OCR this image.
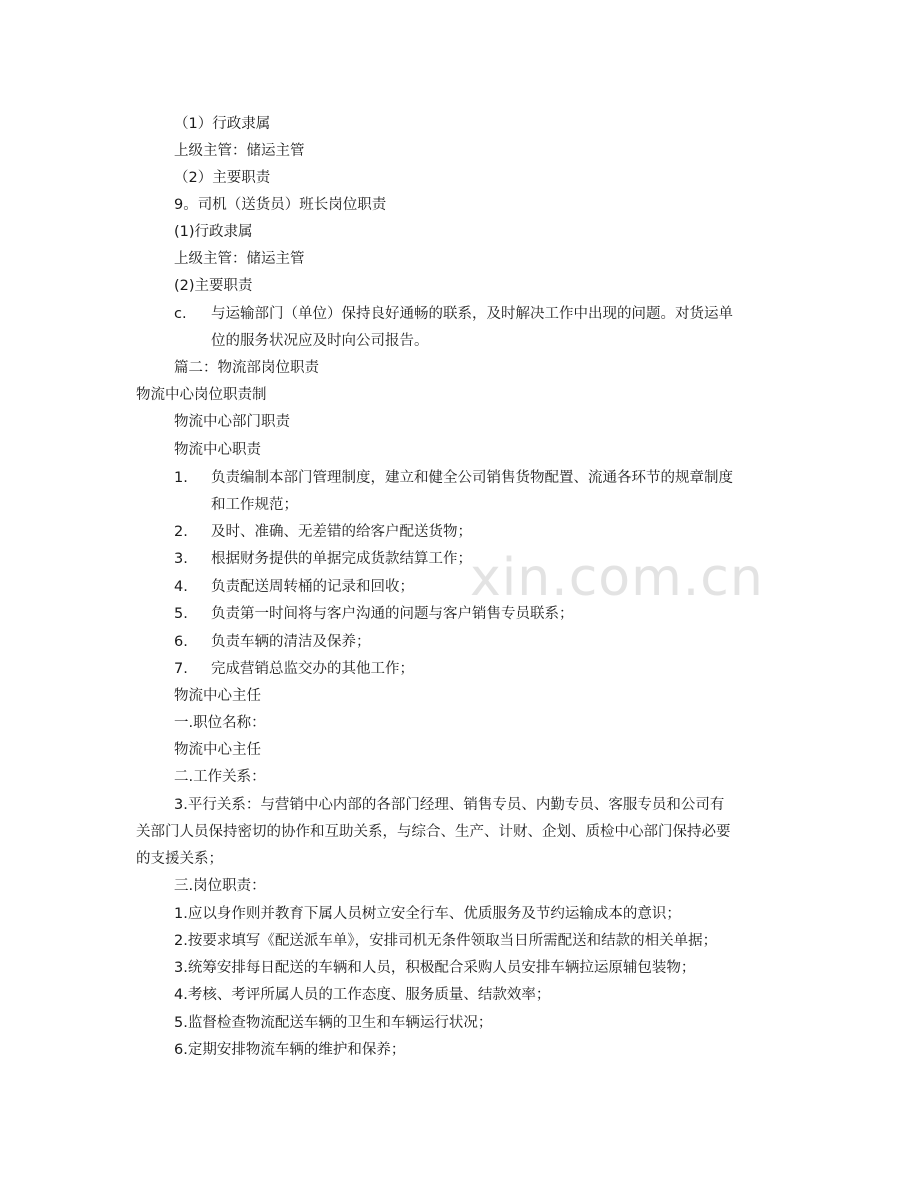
xin.com.cn
（1）行政隶属
上级主管：储运主管
（2）主要职责
9。司机（送货员）班长岗位职责
(1)行政隶属
上级主管：储运主管
(2)主要职责
c. 与运输部门（单位）保持良好通畅的联系，及时解决工作中出现的问题。对货运单
位的服务状况应及时向公司报告。
篇二：物流部岗位职责
物流中心岗位职责制
物流中心部门职责
物流中心职责
1. 负责编制本部门管理制度，建立和健全公司销售货物配置、流通各环节的规章制度
和工作规范；
2. 及时、准确、无差错的给客户配送货物；
3. 根据财务提供的单据完成货款结算工作；
4. 负责配送周转桶的记录和回收；
5. 负责第一时间将与客户沟通的问题与客户销售专员联系；
6. 负责车辆的清洁及保养；
7. 完成营销总监交办的其他工作；
物流中心主任
一.职位名称：
物流中心主任
二.工作关系：
3.平行关系：与营销中心内部的各部门经理、销售专员、内勤专员、客服专员和公司有
关部门人员保持密切的协作和互助关系，与综合、生产、计财、企划、质检中心部门保持必要
的支援关系；
三.岗位职责：
1.应以身作则并教育下属人员树立安全行车、优质服务及节约运输成本的意识；
2.按要求填写《配送派车单》，安排司机无条件领取当日所需配送和结款的相关单据；
3.统筹安排每日配送的车辆和人员，积极配合采购人员安排车辆拉运原辅包装物；
4.考核、考评所属人员的工作态度、服务质量、结款效率；
5.监督检查物流配送车辆的卫生和车辆运行状况；
6.定期安排物流车辆的维护和保养；
